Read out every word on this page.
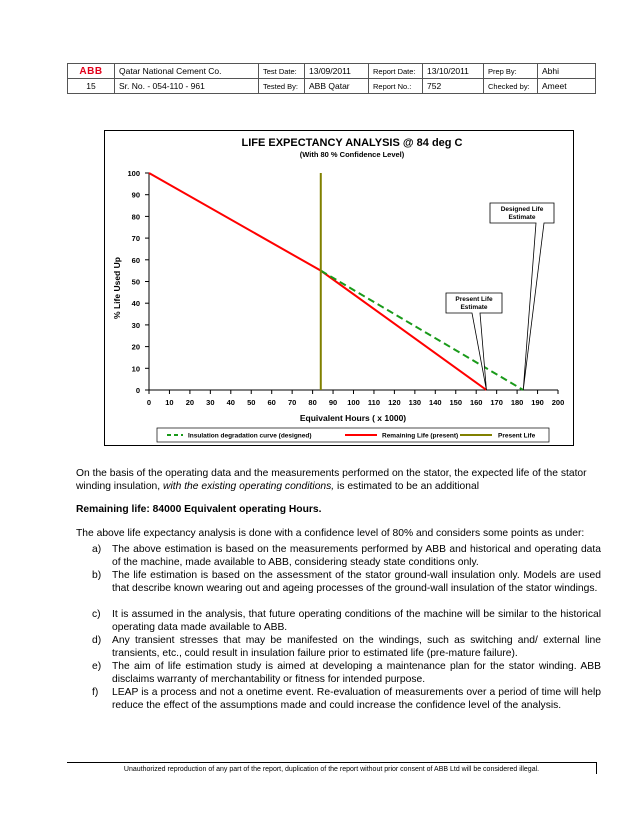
ABB	Qatar National Cement Co.	Test Date:	13/09/2011	Report Date:	13/10/2011	Prep By:	Abhi
15	Sr. No. - 054-110 - 961	Tested By:	ABB Qatar	Report No.:	752	Checked by:	Ameet
LIFE EXPECTANCY ANALYSIS @ 84 deg C
(With 80 % Confidence Level)
0
10
20
30
40
50
60
70
80
90
100
0 10 20 30 40 50 60 70 80 90 100 110 120 130 140 150 160 170 180 190 200
Designed Life
Estimate
Present Life
Estimate
Equivalent Hours ( x 1000)
% Life Used Up
Insulation degradation curve (designed)	Remaining Life (present)	Present Life
On the basis of the operating data and the measurements performed on the stator, the expected life of the stator winding insulation, with the existing operating conditions, is estimated to be an additional
Remaining life: 84000 Equivalent operating Hours.
The above life expectancy analysis is done with a confidence level of 80% and considers some points as under:
a) The above estimation is based on the measurements performed by ABB and historical and operating data of the machine, made available to ABB, considering steady state conditions only.
b) The life estimation is based on the assessment of the stator ground-wall insulation only. Models are used that describe known wearing out and ageing processes of the ground-wall insulation of the stator windings.
c) It is assumed in the analysis, that future operating conditions of the machine will be similar to the historical operating data made available to ABB.
d) Any transient stresses that may be manifested on the windings, such as switching and/ external line transients, etc., could result in insulation failure prior to estimated life (pre-mature failure).
e) The aim of life estimation study is aimed at developing a maintenance plan for the stator winding. ABB disclaims warranty of merchantability or fitness for intended purpose.
f) LEAP is a process and not a onetime event. Re-evaluation of measurements over a period of time will help reduce the effect of the assumptions made and could increase the confidence level of the analysis.
Unauthorized reproduction of any part of the report, duplication of the report without prior consent of ABB Ltd will be considered illegal.
